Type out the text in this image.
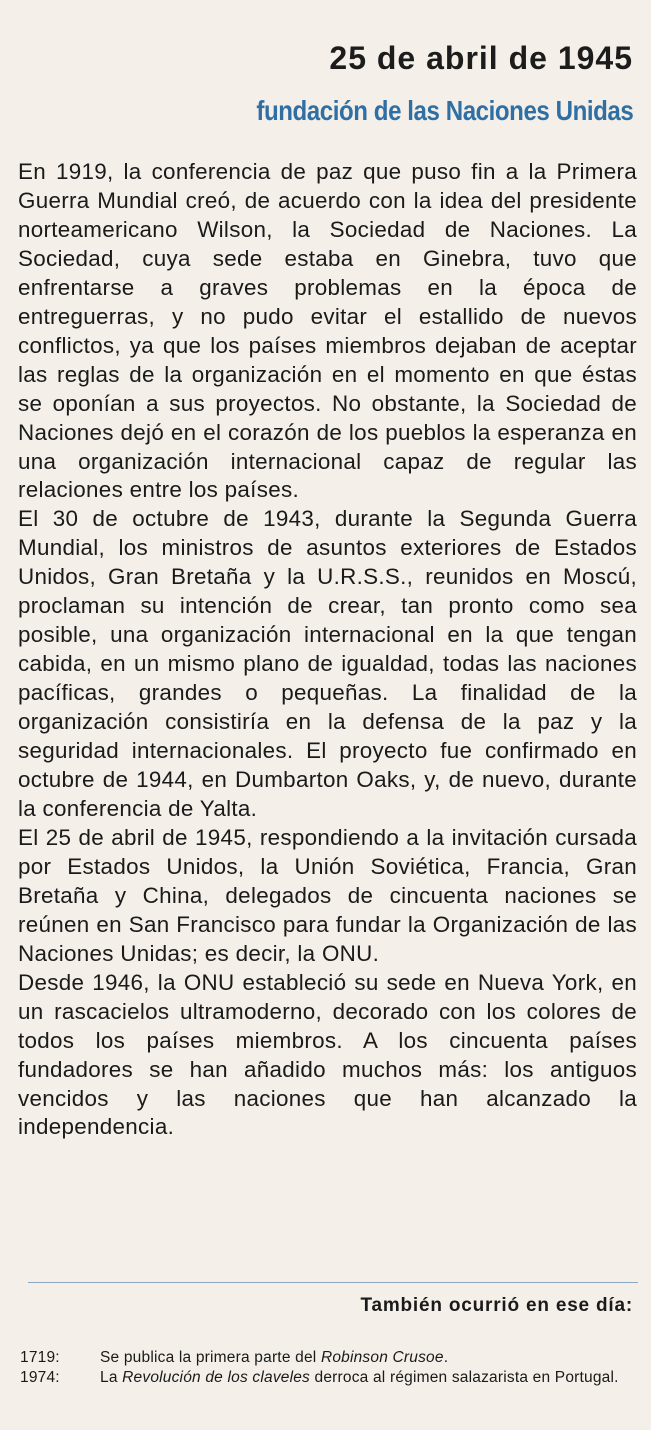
25 de abril de 1945
fundación de las Naciones Unidas

En 1919, la conferencia de paz que puso fin a la Primera Guerra Mundial creó, de acuerdo con la idea del presidente norteamericano Wilson, la Sociedad de Naciones. La Sociedad, cuya sede estaba en Ginebra, tuvo que enfrentarse a graves problemas en la época de entreguerras, y no pudo evitar el estallido de nuevos conflictos, ya que los países miembros dejaban de aceptar las reglas de la organización en el momento en que éstas se oponían a sus proyectos. No obstante, la Sociedad de Naciones dejó en el corazón de los pueblos la esperanza en una organización internacional capaz de regular las relaciones entre los países.

El 30 de octubre de 1943, durante la Segunda Guerra Mundial, los ministros de asuntos exteriores de Estados Unidos, Gran Bretaña y la U.R.S.S., reunidos en Moscú, proclaman su intención de crear, tan pronto como sea posible, una organización internacional en la que tengan cabida, en un mismo plano de igualdad, todas las naciones pacíficas, grandes o pequeñas. La finalidad de la organización consistiría en la defensa de la paz y la seguridad internacionales. El proyecto fue confirmado en octubre de 1944, en Dumbarton Oaks, y, de nuevo, durante la conferencia de Yalta.

El 25 de abril de 1945, respondiendo a la invitación cursada por Estados Unidos, la Unión Soviética, Francia, Gran Bretaña y China, delegados de cincuenta naciones se reúnen en San Francisco para fundar la Organización de las Naciones Unidas; es decir, la ONU.

Desde 1946, la ONU estableció su sede en Nueva York, en un rascacielos ultramoderno, decorado con los colores de todos los países miembros. A los cincuenta países fundadores se han añadido muchos más: los antiguos vencidos y las naciones que han alcanzado la independencia.

También ocurrió en ese día:
1719:	Se publica la primera parte del Robinson Crusoe.
1974:	La Revolución de los claveles derroca al régimen salazarista en Portugal.
